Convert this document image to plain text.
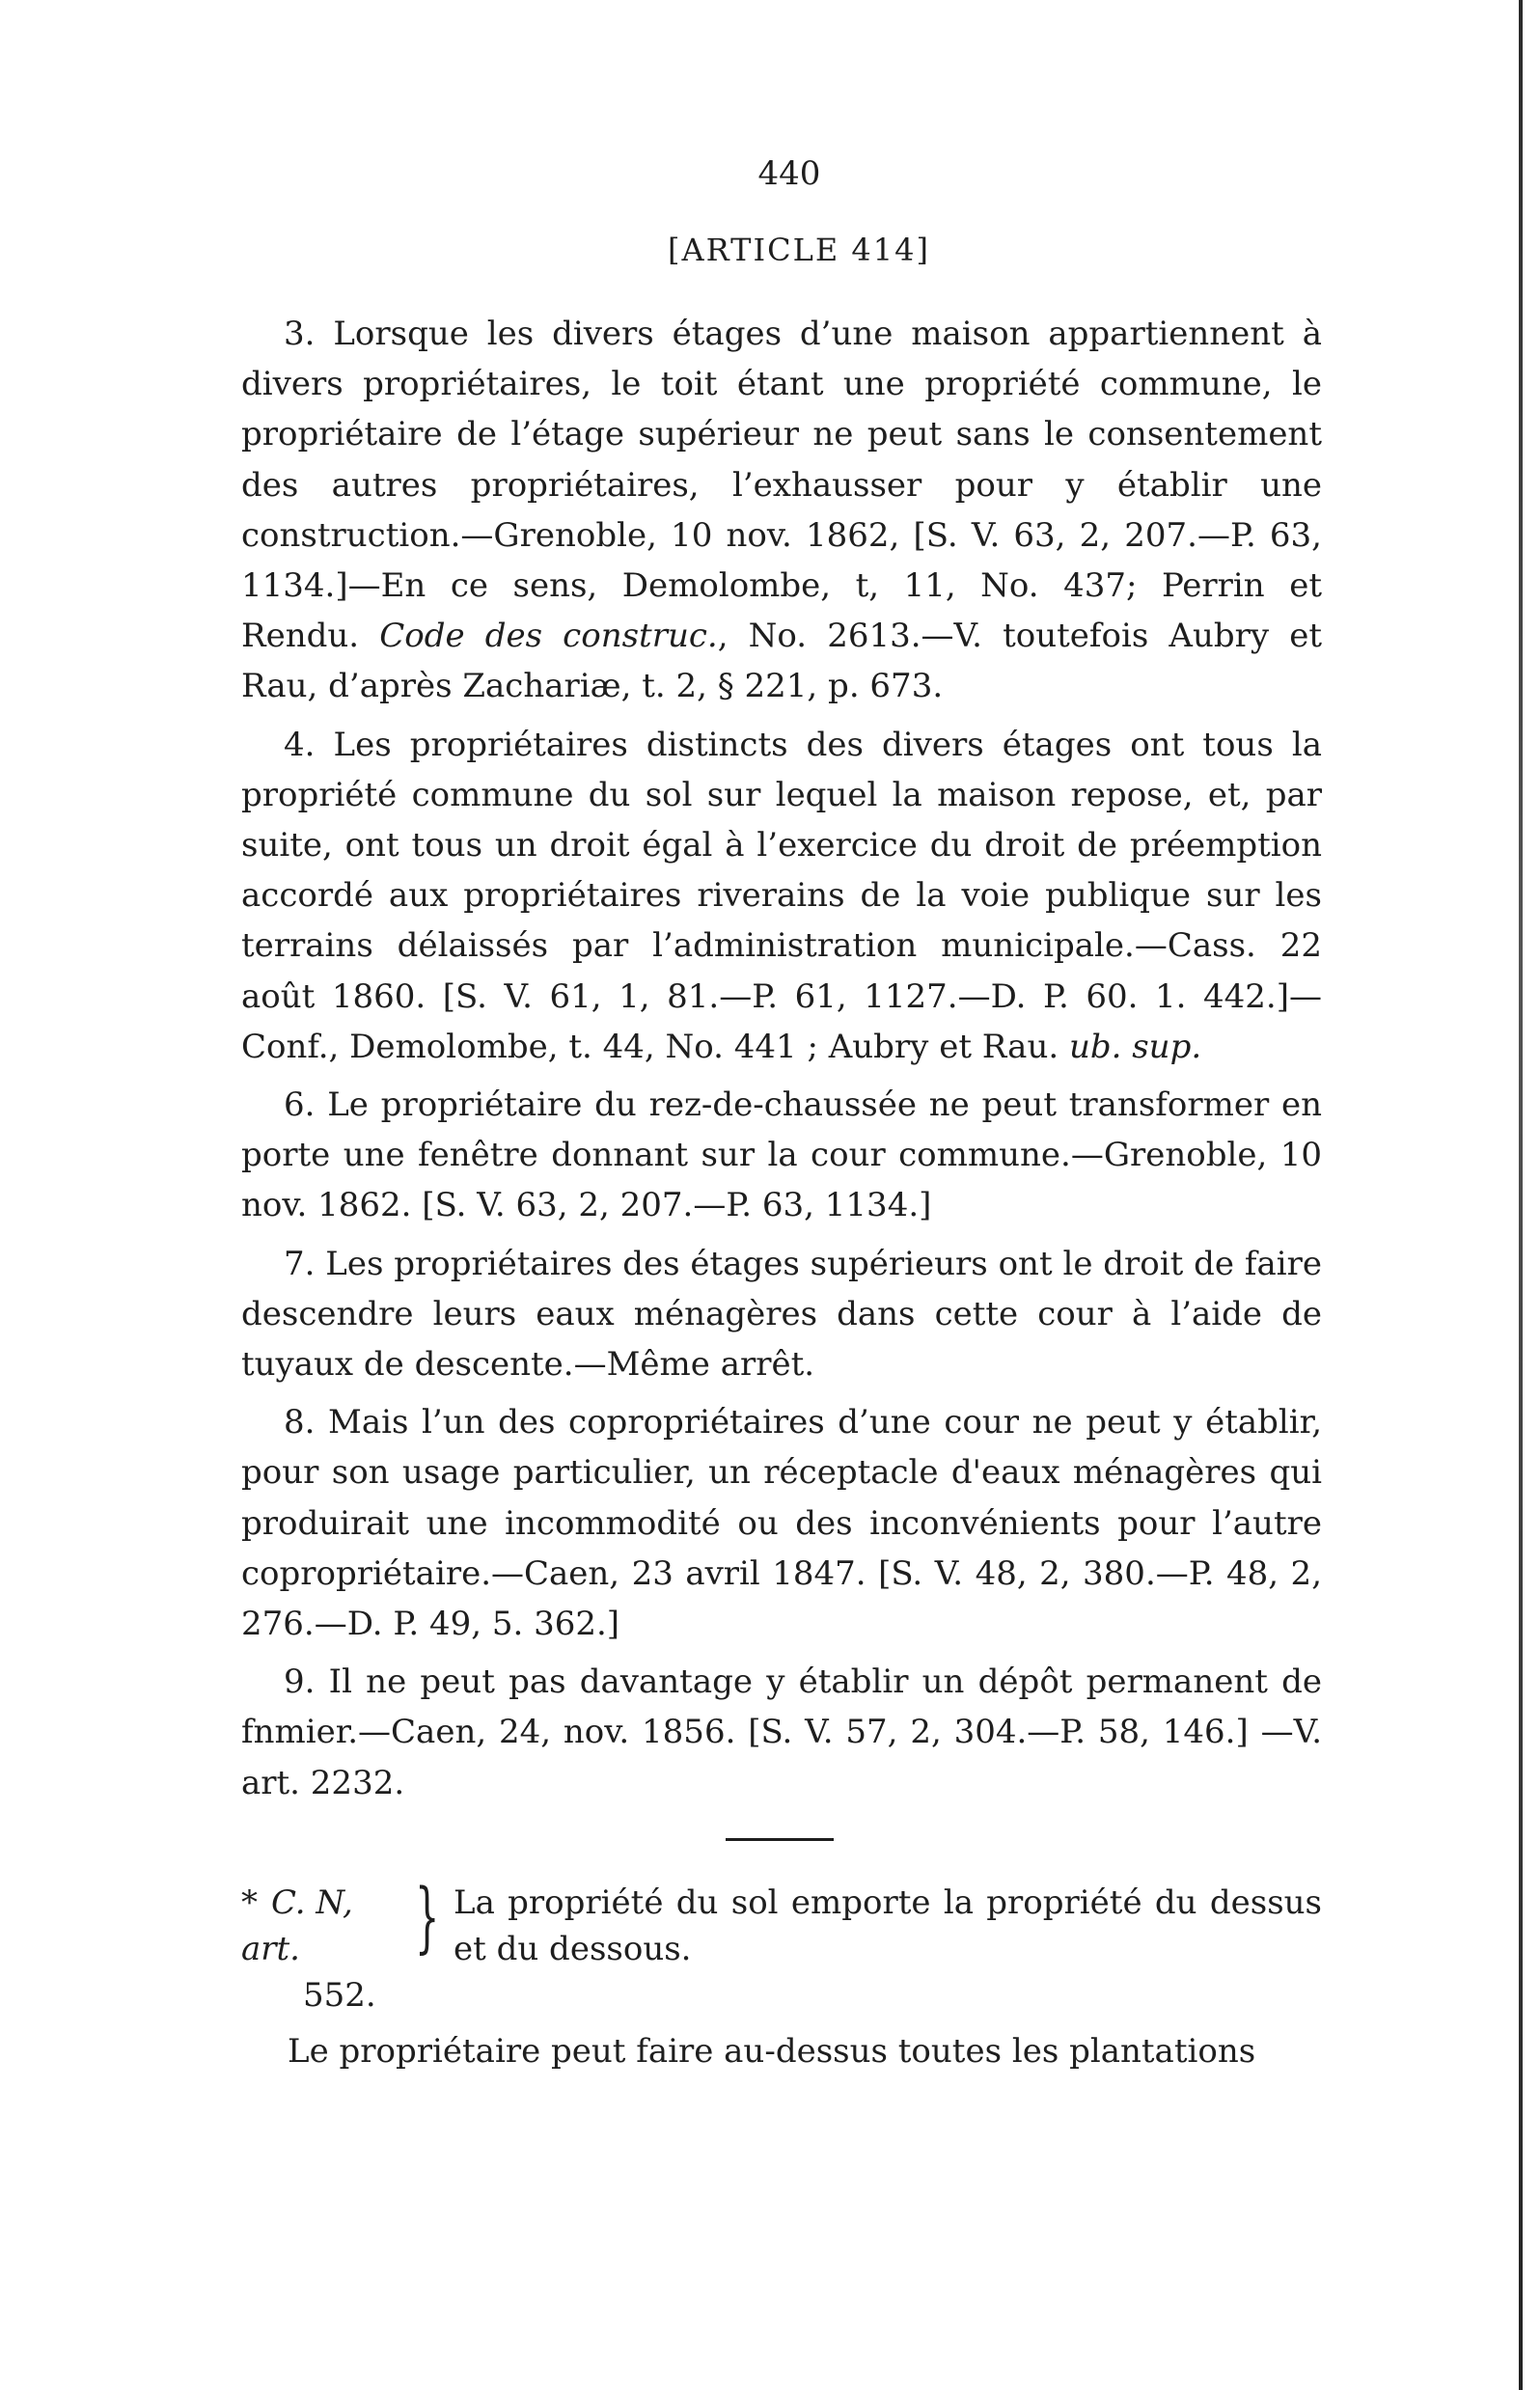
440
[ARTICLE 414]

3. Lorsque les divers étages d’une maison appartiennent à divers propriétaires, le toit étant une propriété commune, le propriétaire de l’étage supérieur ne peut sans le consentement des autres propriétaires, l’exhausser pour y établir une construction.—Grenoble, 10 nov. 1862, [S. V. 63, 2, 207.—P. 63, 1134.]—En ce sens, Demolombe, t, 11, No. 437; Perrin et Rendu. Code des construc., No. 2613.—V. toutefois Aubry et Rau, d’après Zachariæ, t. 2, § 221, p. 673.

4. Les propriétaires distincts des divers étages ont tous la propriété commune du sol sur lequel la maison repose, et, par suite, ont tous un droit égal à l’exercice du droit de préemption accordé aux propriétaires riverains de la voie publique sur les terrains délaissés par l’administration municipale.—Cass. 22 août 1860. [S. V. 61, 1, 81.—P. 61, 1127.—D. P. 60. 1. 442.]—Conf., Demolombe, t. 44, No. 441 ; Aubry et Rau. ub. sup.

6. Le propriétaire du rez-de-chaussée ne peut transformer en porte une fenêtre donnant sur la cour commune.—Grenoble, 10 nov. 1862. [S. V. 63, 2, 207.—P. 63, 1134.]

7. Les propriétaires des étages supérieurs ont le droit de faire descendre leurs eaux ménagères dans cette cour à l’aide de tuyaux de descente.—Même arrêt.

8. Mais l’un des copropriétaires d’une cour ne peut y établir, pour son usage particulier, un réceptacle d'eaux ménagères qui produirait une incommodité ou des inconvénients pour l’autre copropriétaire.—Caen, 23 avril 1847. [S. V. 48, 2, 380.—P. 48, 2, 276.—D. P. 49, 5. 362.]

9. Il ne peut pas davantage y établir un dépôt permanent de fnmier.—Caen, 24, nov. 1856. [S. V. 57, 2, 304.—P. 58, 146.] —V. art. 2232.

* C. N, art.
552.
} La propriété du sol emporte la propriété du dessus et du dessous.
Le propriétaire peut faire au-dessus toutes les plantations
